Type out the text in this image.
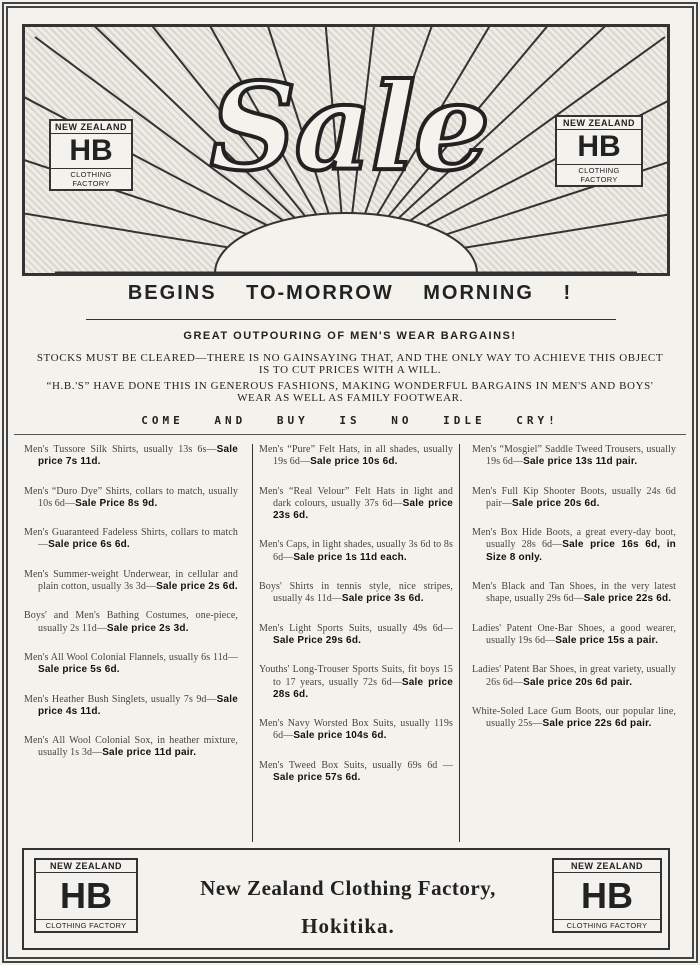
Sale
NEW ZEALAND
HB
CLOTHING FACTORY
NEW ZEALAND
HB
CLOTHING FACTORY
BEGINS TO-MORROW MORNING !
GREAT OUTPOURING OF MEN'S WEAR BARGAINS!
STOCKS MUST BE CLEARED—THERE IS NO GAINSAYING THAT, AND THE ONLY WAY TO ACHIEVE THIS OBJECT IS TO CUT PRICES WITH A WILL.
“H.B.'S” HAVE DONE THIS IN GENEROUS FASHIONS, MAKING WONDERFUL BARGAINS IN MEN'S AND BOYS' WEAR AS WELL AS FAMILY FOOTWEAR.
COME AND BUY IS NO IDLE CRY!
Men's Tussore Silk Shirts, usually 13s 6s—Sale price 7s 11d.
Men's “Duro Dye” Shirts, collars to match, usually 10s 6d—Sale Price 8s 9d.
Men's Guaranteed Fadeless Shirts, collars to match—Sale price 6s 6d.
Men's Summer-weight Underwear, in cellular and plain cotton, usually 3s 3d—Sale price 2s 6d.
Boys' and Men's Bathing Costumes, one-piece, usually 2s 11d—Sale price 2s 3d.
Men's All Wool Colonial Flannels, usually 6s 11d—Sale price 5s 6d.
Men's Heather Bush Singlets, usually 7s 9d—Sale price 4s 11d.
Men's All Wool Colonial Sox, in heather mixture, usually 1s 3d—Sale price 11d pair.
Men's “Pure” Felt Hats, in all shades, usually 19s 6d—Sale price 10s 6d.
Men's “Real Velour” Felt Hats in light and dark colours, usually 37s 6d—Sale price 23s 6d.
Men's Caps, in light shades, usually 3s 6d to 8s 6d—Sale price 1s 11d each.
Boys' Shirts in tennis style, nice stripes, usually 4s 11d—Sale price 3s 6d.
Men's Light Sports Suits, usually 49s 6d—Sale Price 29s 6d.
Youths' Long-Trouser Sports Suits, fit boys 15 to 17 years, usually 72s 6d—Sale price 28s 6d.
Men's Navy Worsted Box Suits, usually 119s 6d—Sale price 104s 6d.
Men's Tweed Box Suits, usually 69s 6d —Sale price 57s 6d.
Men's “Mosgiel” Saddle Tweed Trousers, usually 19s 6d—Sale price 13s 11d pair.
Men's Full Kip Shooter Boots, usually 24s 6d pair—Sale price 20s 6d.
Men's Box Hide Boots, a great every-day boot, usually 28s 6d—Sale price 16s 6d, in Size 8 only.
Men's Black and Tan Shoes, in the very latest shape, usually 29s 6d—Sale price 22s 6d.
Ladies' Patent One-Bar Shoes, a good wearer, usually 19s 6d—Sale price 15s a pair.
Ladies' Patent Bar Shoes, in great variety, usually 26s 6d—Sale price 20s 6d pair.
White-Soled Lace Gum Boots, our popular line, usually 25s—Sale price 22s 6d pair.
NEW ZEALAND
HB
CLOTHING FACTORY
New Zealand Clothing Factory,
Hokitika.
NEW ZEALAND
HB
CLOTHING FACTORY
